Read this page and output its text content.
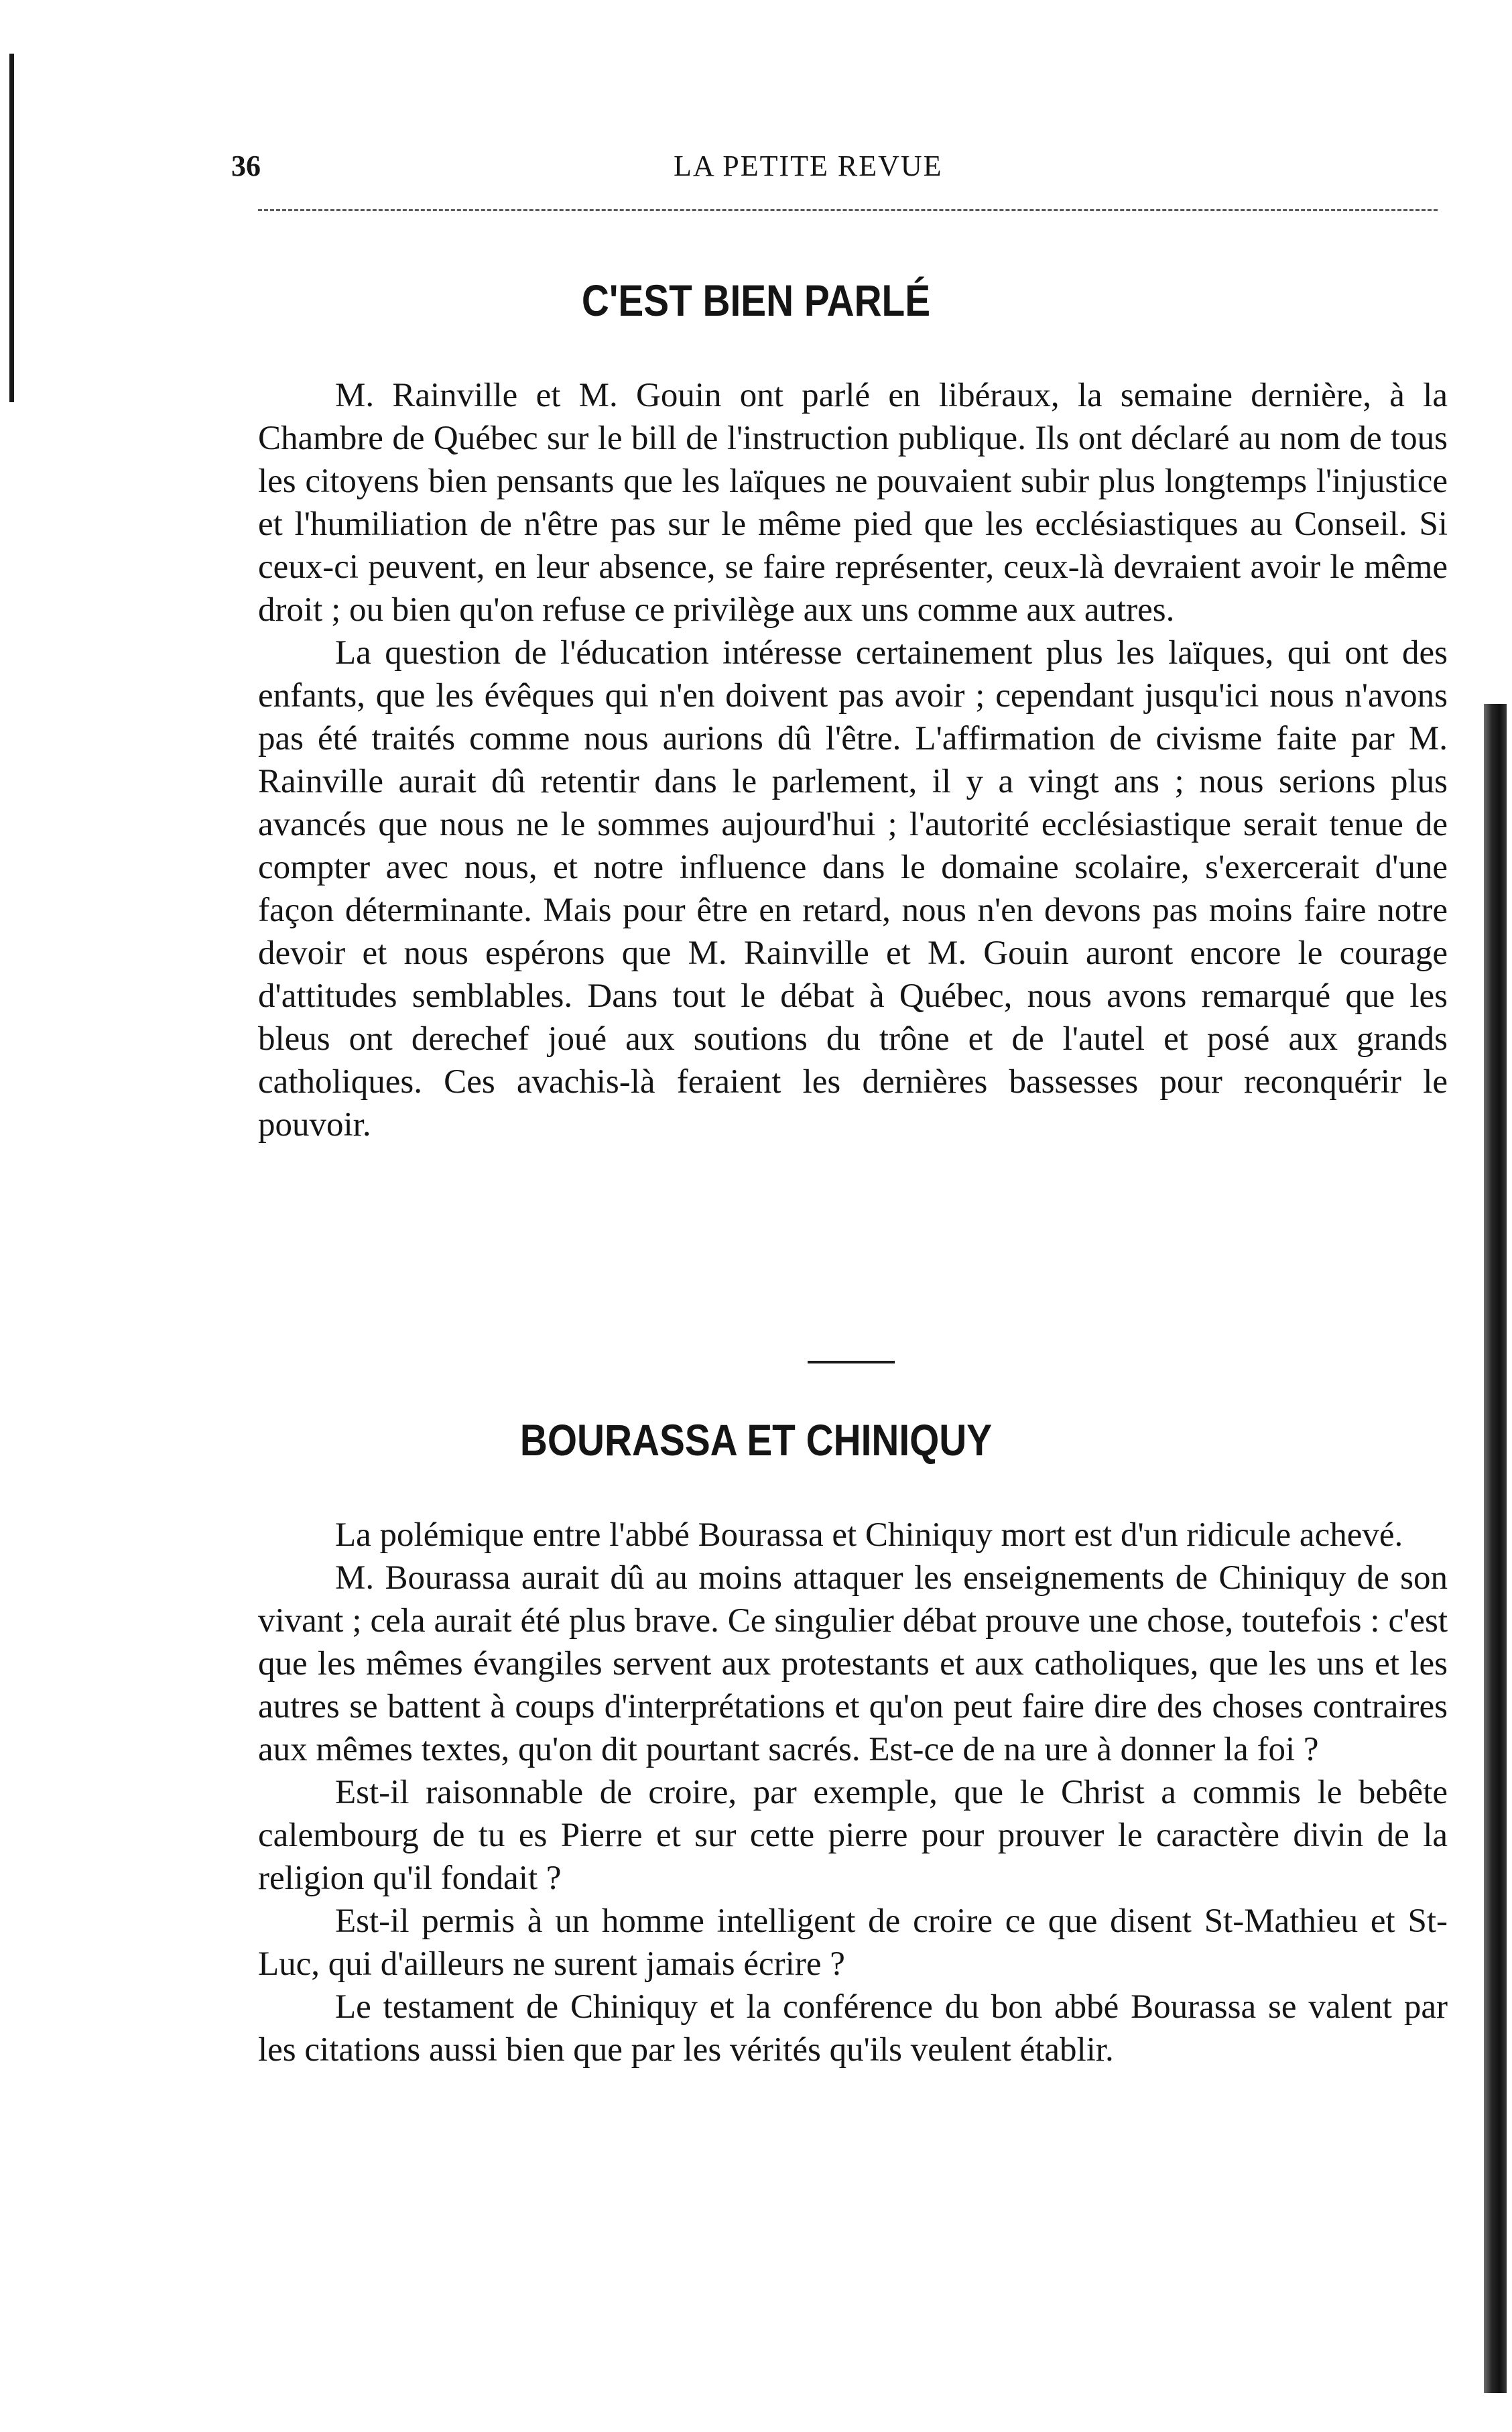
36	LA PETITE REVUE
C'EST BIEN PARLÉ

M. Rainville et M. Gouin ont parlé en libéraux, la semaine dernière, à la Chambre de Québec sur le bill de l'instruction publique. Ils ont déclaré au nom de tous les citoyens bien pensants que les laïques ne pouvaient subir plus longtemps l'injustice et l'humiliation de n'être pas sur le même pied que les ecclésiastiques au Conseil. Si ceux-ci peuvent, en leur absence, se faire représenter, ceux-là devraient avoir le même droit ; ou bien qu'on refuse ce privilège aux uns comme aux autres.

La question de l'éducation intéresse certainement plus les laïques, qui ont des enfants, que les évêques qui n'en doivent pas avoir ; cependant jusqu'ici nous n'avons pas été traités comme nous aurions dû l'être. L'affirmation de civisme faite par M. Rainville aurait dû retentir dans le parlement, il y a vingt ans ; nous serions plus avancés que nous ne le sommes aujourd'hui ; l'autorité ecclésiastique serait tenue de compter avec nous, et notre influence dans le domaine scolaire, s'exercerait d'une façon déterminante. Mais pour être en retard, nous n'en devons pas moins faire notre devoir et nous espérons que M. Rainville et M. Gouin auront encore le courage d'attitudes semblables. Dans tout le débat à Québec, nous avons remarqué que les bleus ont derechef joué aux soutions du trône et de l'autel et posé aux grands catholiques. Ces avachis-là feraient les dernières bassesses pour reconquérir le pouvoir.

BOURASSA ET CHINIQUY

La polémique entre l'abbé Bourassa et Chiniquy mort est d'un ridicule achevé.

M. Bourassa aurait dû au moins attaquer les enseignements de Chiniquy de son vivant ; cela aurait été plus brave. Ce singulier débat prouve une chose, toutefois : c'est que les mêmes évangiles servent aux protestants et aux catholiques, que les uns et les autres se battent à coups d'interprétations et qu'on peut faire dire des choses contraires aux mêmes textes, qu'on dit pourtant sacrés. Est-ce de na ure à donner la foi ?

Est-il raisonnable de croire, par exemple, que le Christ a commis le bebête calembourg de tu es Pierre et sur cette pierre pour prouver le caractère divin de la religion qu'il fondait ?

Est-il permis à un homme intelligent de croire ce que disent St-Mathieu et St-Luc, qui d'ailleurs ne surent jamais écrire ?

Le testament de Chiniquy et la conférence du bon abbé Bourassa se valent par les citations aussi bien que par les vérités qu'ils veulent établir.
